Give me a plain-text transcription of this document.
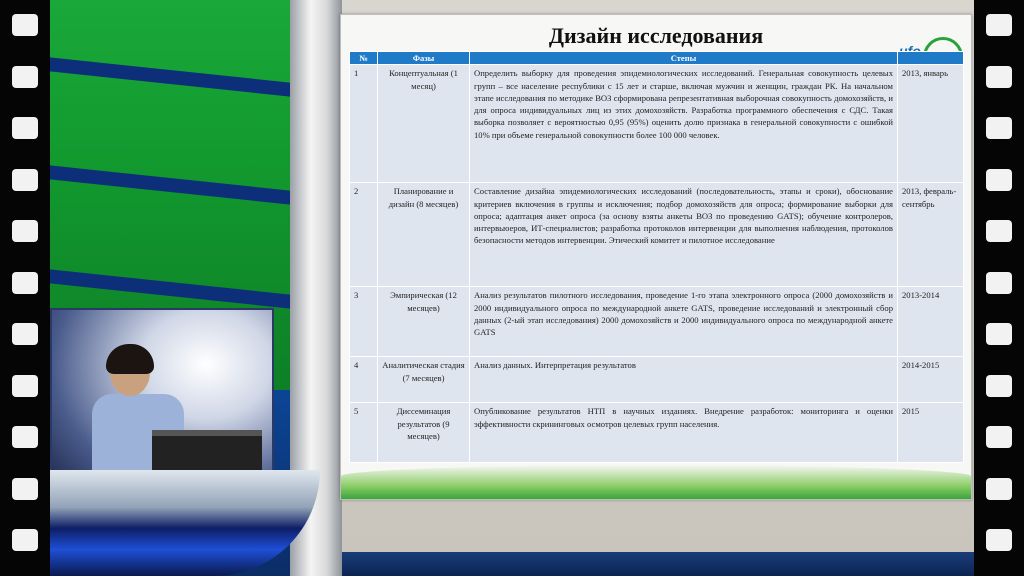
Дизайн исследования
№	Фазы	Степы	
1	Концептуальная (1 месяц)	Определить выборку для проведения эпидемиологических исследований. Генеральная совокупность целевых групп – все население республики с 15 лет и старше, включая мужчин и женщин, граждан РК. На начальном этапе исследования по методике ВОЗ сформирована репрезентативная выборочная совокупность домохозяйств, и для опроса индивидуальных лиц из этих домохозяйств. Разработка программного обеспечения с СДС. Такая выборка позволяет с вероятностью 0,95 (95%) оценить долю признака в генеральной совокупности с ошибкой 10% при объеме генеральной совокупности более 100 000 человек.	2013, январь
2	Планирование и дизайн (8 месяцев)	Составление дизайна эпидемиологических исследований (последовательность, этапы и сроки), обоснование критериев включения в группы и исключения; подбор домохозяйств для опроса; формирование выборки для опроса; адаптация анкет опроса (за основу взяты анкеты ВОЗ по проведению GATS); обучение контролеров, интервьюеров, ИТ-специалистов; разработка протоколов интервенции для выполнения наблюдения, протоколов безопасности методов интервенции. Этический комитет и пилотное исследование	2013, февраль-сентябрь
3	Эмпирическая (12 месяцев)	Анализ результатов пилотного исследования, проведение 1-го этапа электронного опроса (2000 домохозяйств и 2000 индивидуального опроса по международной анкете GATS, проведение исследований и электронный сбор данных (2-ый этап исследования) 2000 домохозяйств и 2000 индивидуального опроса по международной анкете GATS	2013-2014
4	Аналитическая стадия (7 месяцев)	Анализ данных. Интерпретация результатов	2014-2015
5	Диссеминация результатов (9 месяцев)	Опубликование результатов НТП в научных изданиях. Внедрение разработок: мониторинга и оценки эффективности скрининговых осмотров целевых групп населения.	2015
